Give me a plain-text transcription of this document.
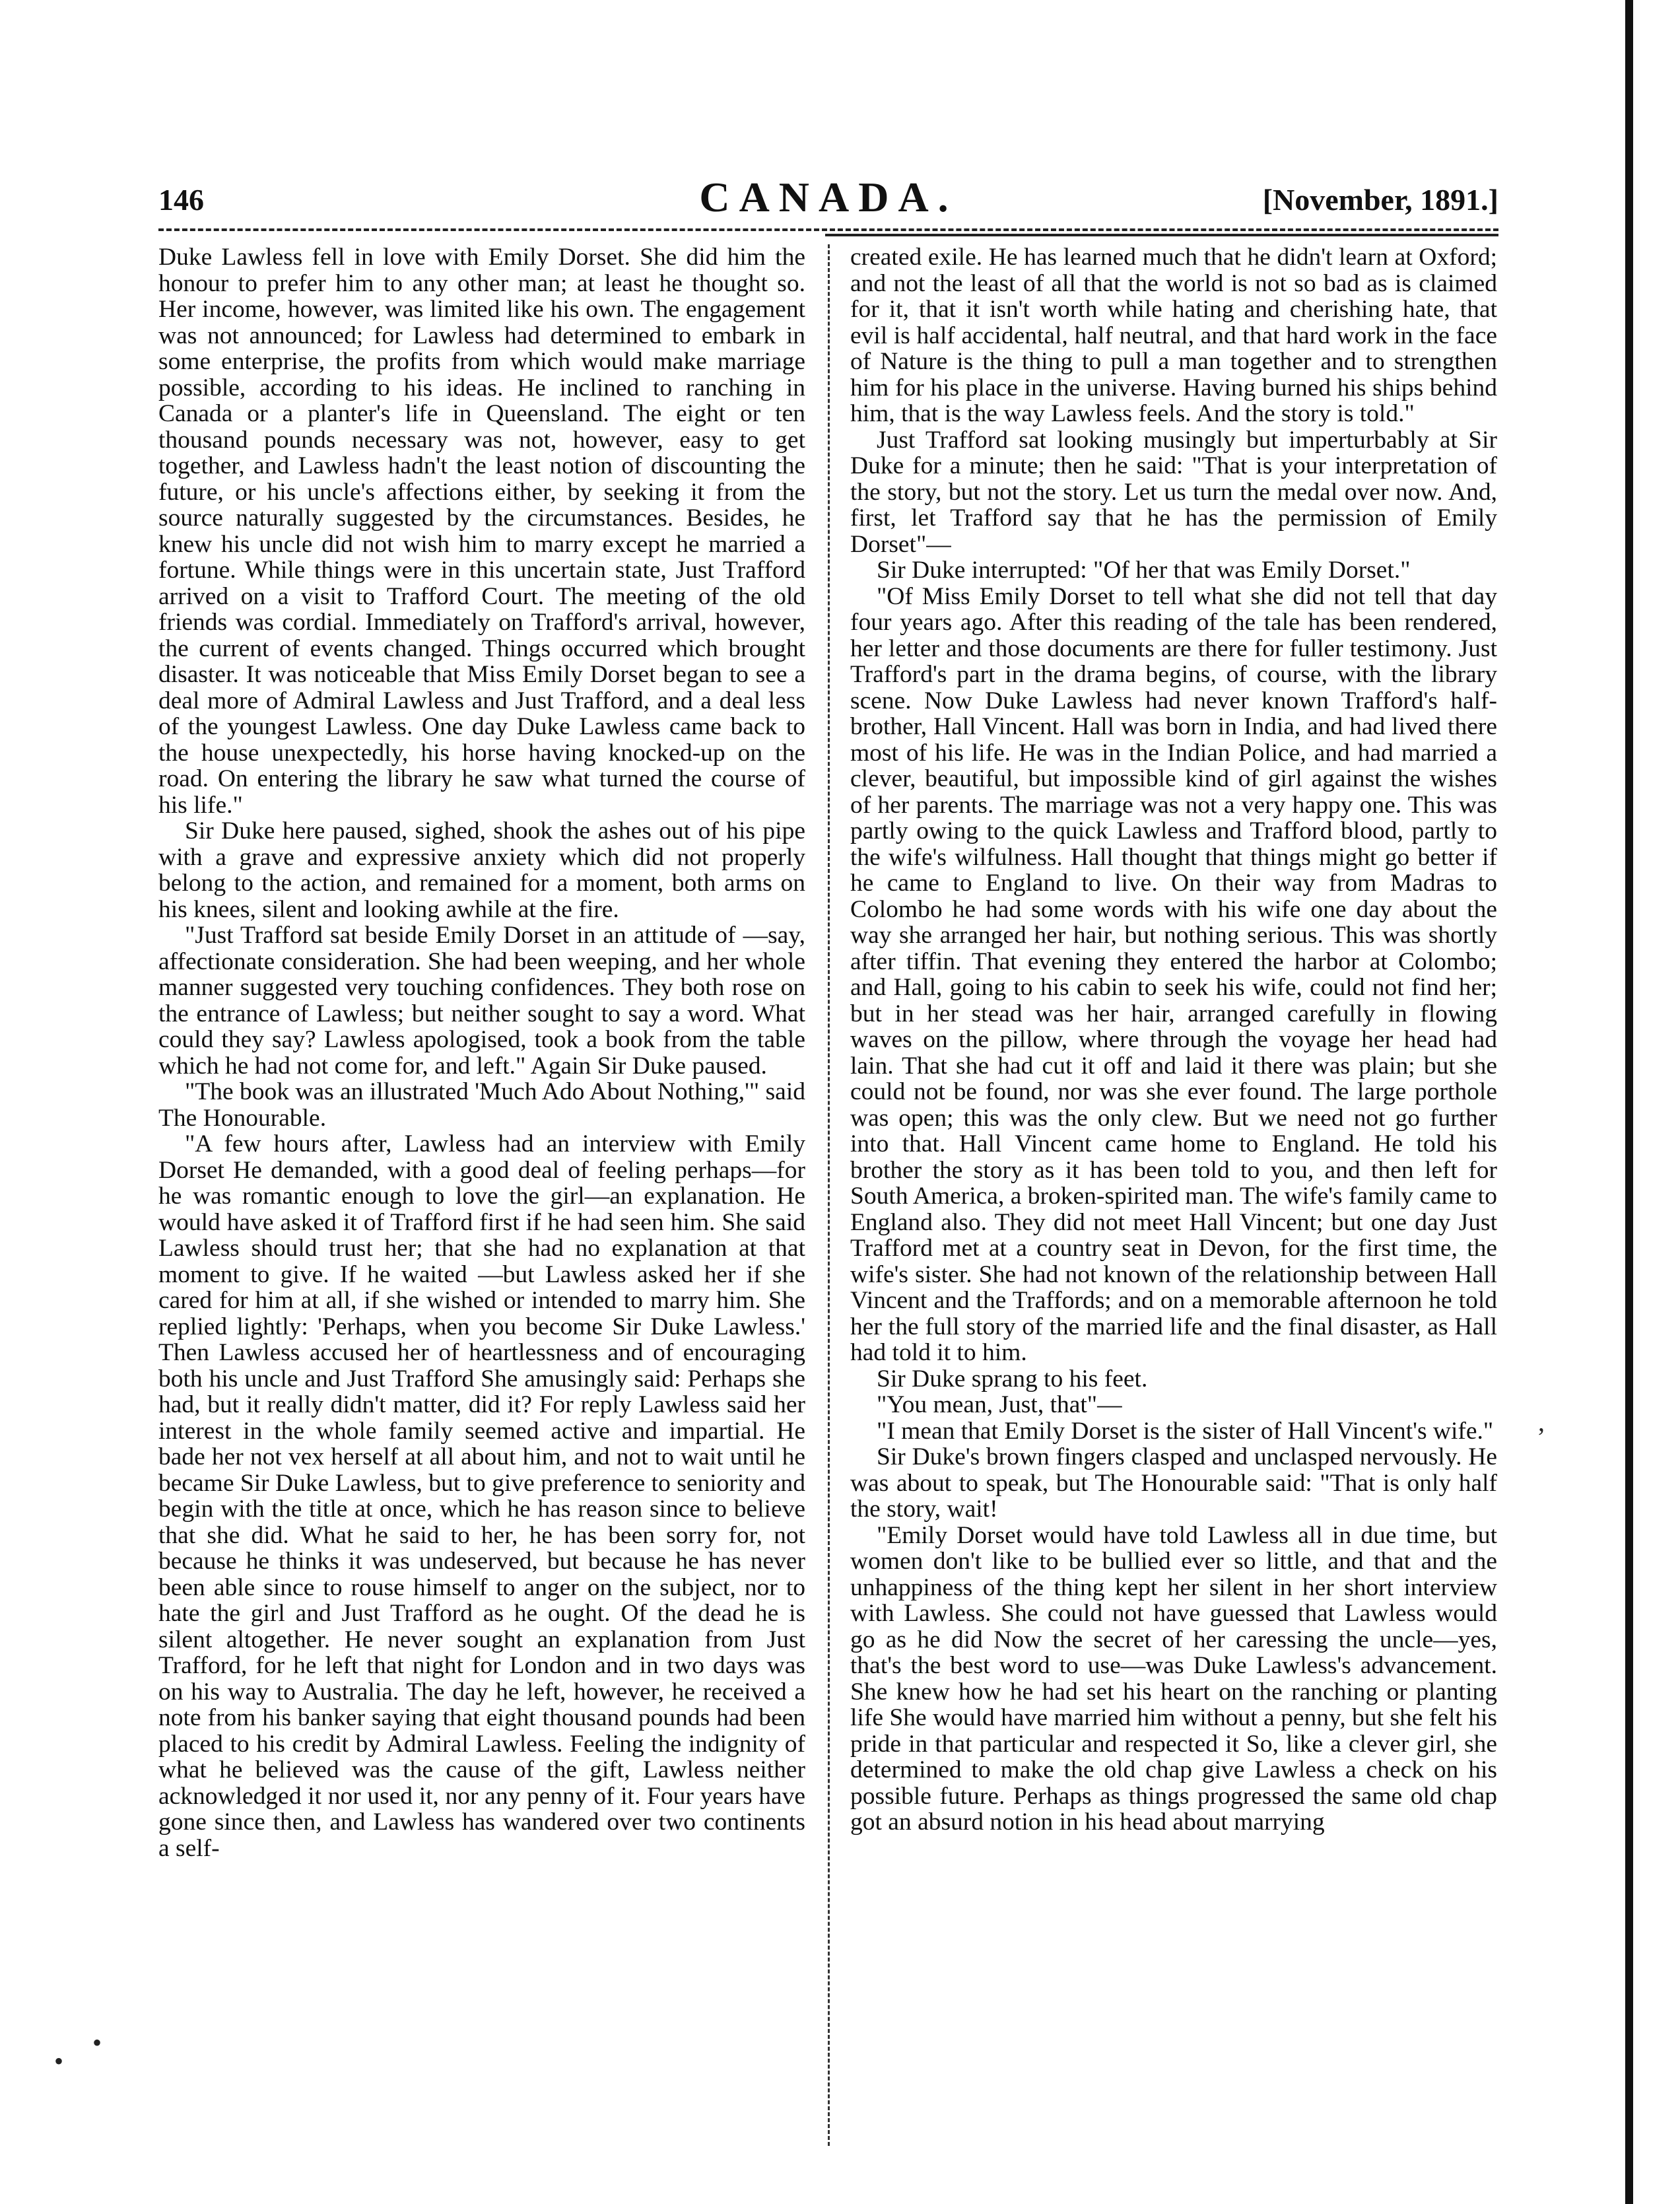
146	CANADA.	[November, 1891.]

Duke Lawless fell in love with Emily Dorset. She did him the honour to prefer him to any other man; at least he thought so. Her income, however, was limited like his own. The engagement was not announced; for Lawless had determined to embark in some enterprise, the profits from which would make marriage possible, according to his ideas. He inclined to ranching in Canada or a planter's life in Queensland. The eight or ten thousand pounds necessary was not, however, easy to get together, and Lawless hadn't the least notion of discounting the future, or his uncle's affections either, by seeking it from the source naturally suggested by the circumstances. Besides, he knew his uncle did not wish him to marry except he married a fortune. While things were in this uncertain state, Just Trafford arrived on a visit to Trafford Court. The meeting of the old friends was cordial. Immediately on Trafford's arrival, however, the current of events changed. Things occurred which brought disaster. It was noticeable that Miss Emily Dorset began to see a deal more of Admiral Lawless and Just Trafford, and a deal less of the youngest Lawless. One day Duke Lawless came back to the house unexpectedly, his horse having knocked-up on the road. On entering the library he saw what turned the course of his life."

Sir Duke here paused, sighed, shook the ashes out of his pipe with a grave and expressive anxiety which did not properly belong to the action, and remained for a moment, both arms on his knees, silent and looking awhile at the fire.

"Just Trafford sat beside Emily Dorset in an attitude of —say, affectionate consideration. She had been weeping, and her whole manner suggested very touching confidences. They both rose on the entrance of Lawless; but neither sought to say a word. What could they say? Lawless apologised, took a book from the table which he had not come for, and left." Again Sir Duke paused.

"The book was an illustrated 'Much Ado About Nothing,'" said The Honourable.

"A few hours after, Lawless had an interview with Emily Dorset He demanded, with a good deal of feeling perhaps—for he was romantic enough to love the girl—an explanation. He would have asked it of Trafford first if he had seen him. She said Lawless should trust her; that she had no explanation at that moment to give. If he waited —but Lawless asked her if she cared for him at all, if she wished or intended to marry him. She replied lightly: 'Perhaps, when you become Sir Duke Lawless.' Then Lawless accused her of heartlessness and of encouraging both his uncle and Just Trafford She amusingly said: Perhaps she had, but it really didn't matter, did it? For reply Lawless said her interest in the whole family seemed active and impartial. He bade her not vex herself at all about him, and not to wait until he became Sir Duke Lawless, but to give preference to seniority and begin with the title at once, which he has reason since to believe that she did. What he said to her, he has been sorry for, not because he thinks it was undeserved, but because he has never been able since to rouse himself to anger on the subject, nor to hate the girl and Just Trafford as he ought. Of the dead he is silent altogether. He never sought an explanation from Just Trafford, for he left that night for London and in two days was on his way to Australia. The day he left, however, he received a note from his banker saying that eight thousand pounds had been placed to his credit by Admiral Lawless. Feeling the indignity of what he believed was the cause of the gift, Lawless neither acknowledged it nor used it, nor any penny of it. Four years have gone since then, and Lawless has wandered over two continents a self-

created exile. He has learned much that he didn't learn at Oxford; and not the least of all that the world is not so bad as is claimed for it, that it isn't worth while hating and cherishing hate, that evil is half accidental, half neutral, and that hard work in the face of Nature is the thing to pull a man together and to strengthen him for his place in the universe. Having burned his ships behind him, that is the way Lawless feels. And the story is told."

Just Trafford sat looking musingly but imperturbably at Sir Duke for a minute; then he said: "That is your interpretation of the story, but not the story. Let us turn the medal over now. And, first, let Trafford say that he has the permission of Emily Dorset"—

Sir Duke interrupted: "Of her that was Emily Dorset."

"Of Miss Emily Dorset to tell what she did not tell that day four years ago. After this reading of the tale has been rendered, her letter and those documents are there for fuller testimony. Just Trafford's part in the drama begins, of course, with the library scene. Now Duke Lawless had never known Trafford's half-brother, Hall Vincent. Hall was born in India, and had lived there most of his life. He was in the Indian Police, and had married a clever, beautiful, but impossible kind of girl against the wishes of her parents. The marriage was not a very happy one. This was partly owing to the quick Lawless and Trafford blood, partly to the wife's wilfulness. Hall thought that things might go better if he came to England to live. On their way from Madras to Colombo he had some words with his wife one day about the way she arranged her hair, but nothing serious. This was shortly after tiffin. That evening they entered the harbor at Colombo; and Hall, going to his cabin to seek his wife, could not find her; but in her stead was her hair, arranged carefully in flowing waves on the pillow, where through the voyage her head had lain. That she had cut it off and laid it there was plain; but she could not be found, nor was she ever found. The large porthole was open; this was the only clew. But we need not go further into that. Hall Vincent came home to England. He told his brother the story as it has been told to you, and then left for South America, a broken-spirited man. The wife's family came to England also. They did not meet Hall Vincent; but one day Just Trafford met at a country seat in Devon, for the first time, the wife's sister. She had not known of the relationship between Hall Vincent and the Traffords; and on a memorable afternoon he told her the full story of the married life and the final disaster, as Hall had told it to him.

Sir Duke sprang to his feet.

"You mean, Just, that"—

"I mean that Emily Dorset is the sister of Hall Vincent's wife."

Sir Duke's brown fingers clasped and unclasped nervously. He was about to speak, but The Honourable said: "That is only half the story, wait!

"Emily Dorset would have told Lawless all in due time, but women don't like to be bullied ever so little, and that and the unhappiness of the thing kept her silent in her short interview with Lawless. She could not have guessed that Lawless would go as he did Now the secret of her caressing the uncle—yes, that's the best word to use—was Duke Lawless's advancement. She knew how he had set his heart on the ranching or planting life She would have married him without a penny, but she felt his pride in that particular and respected it So, like a clever girl, she determined to make the old chap give Lawless a check on his possible future. Perhaps as things progressed the same old chap got an absurd notion in his head about marrying

,
•
•
